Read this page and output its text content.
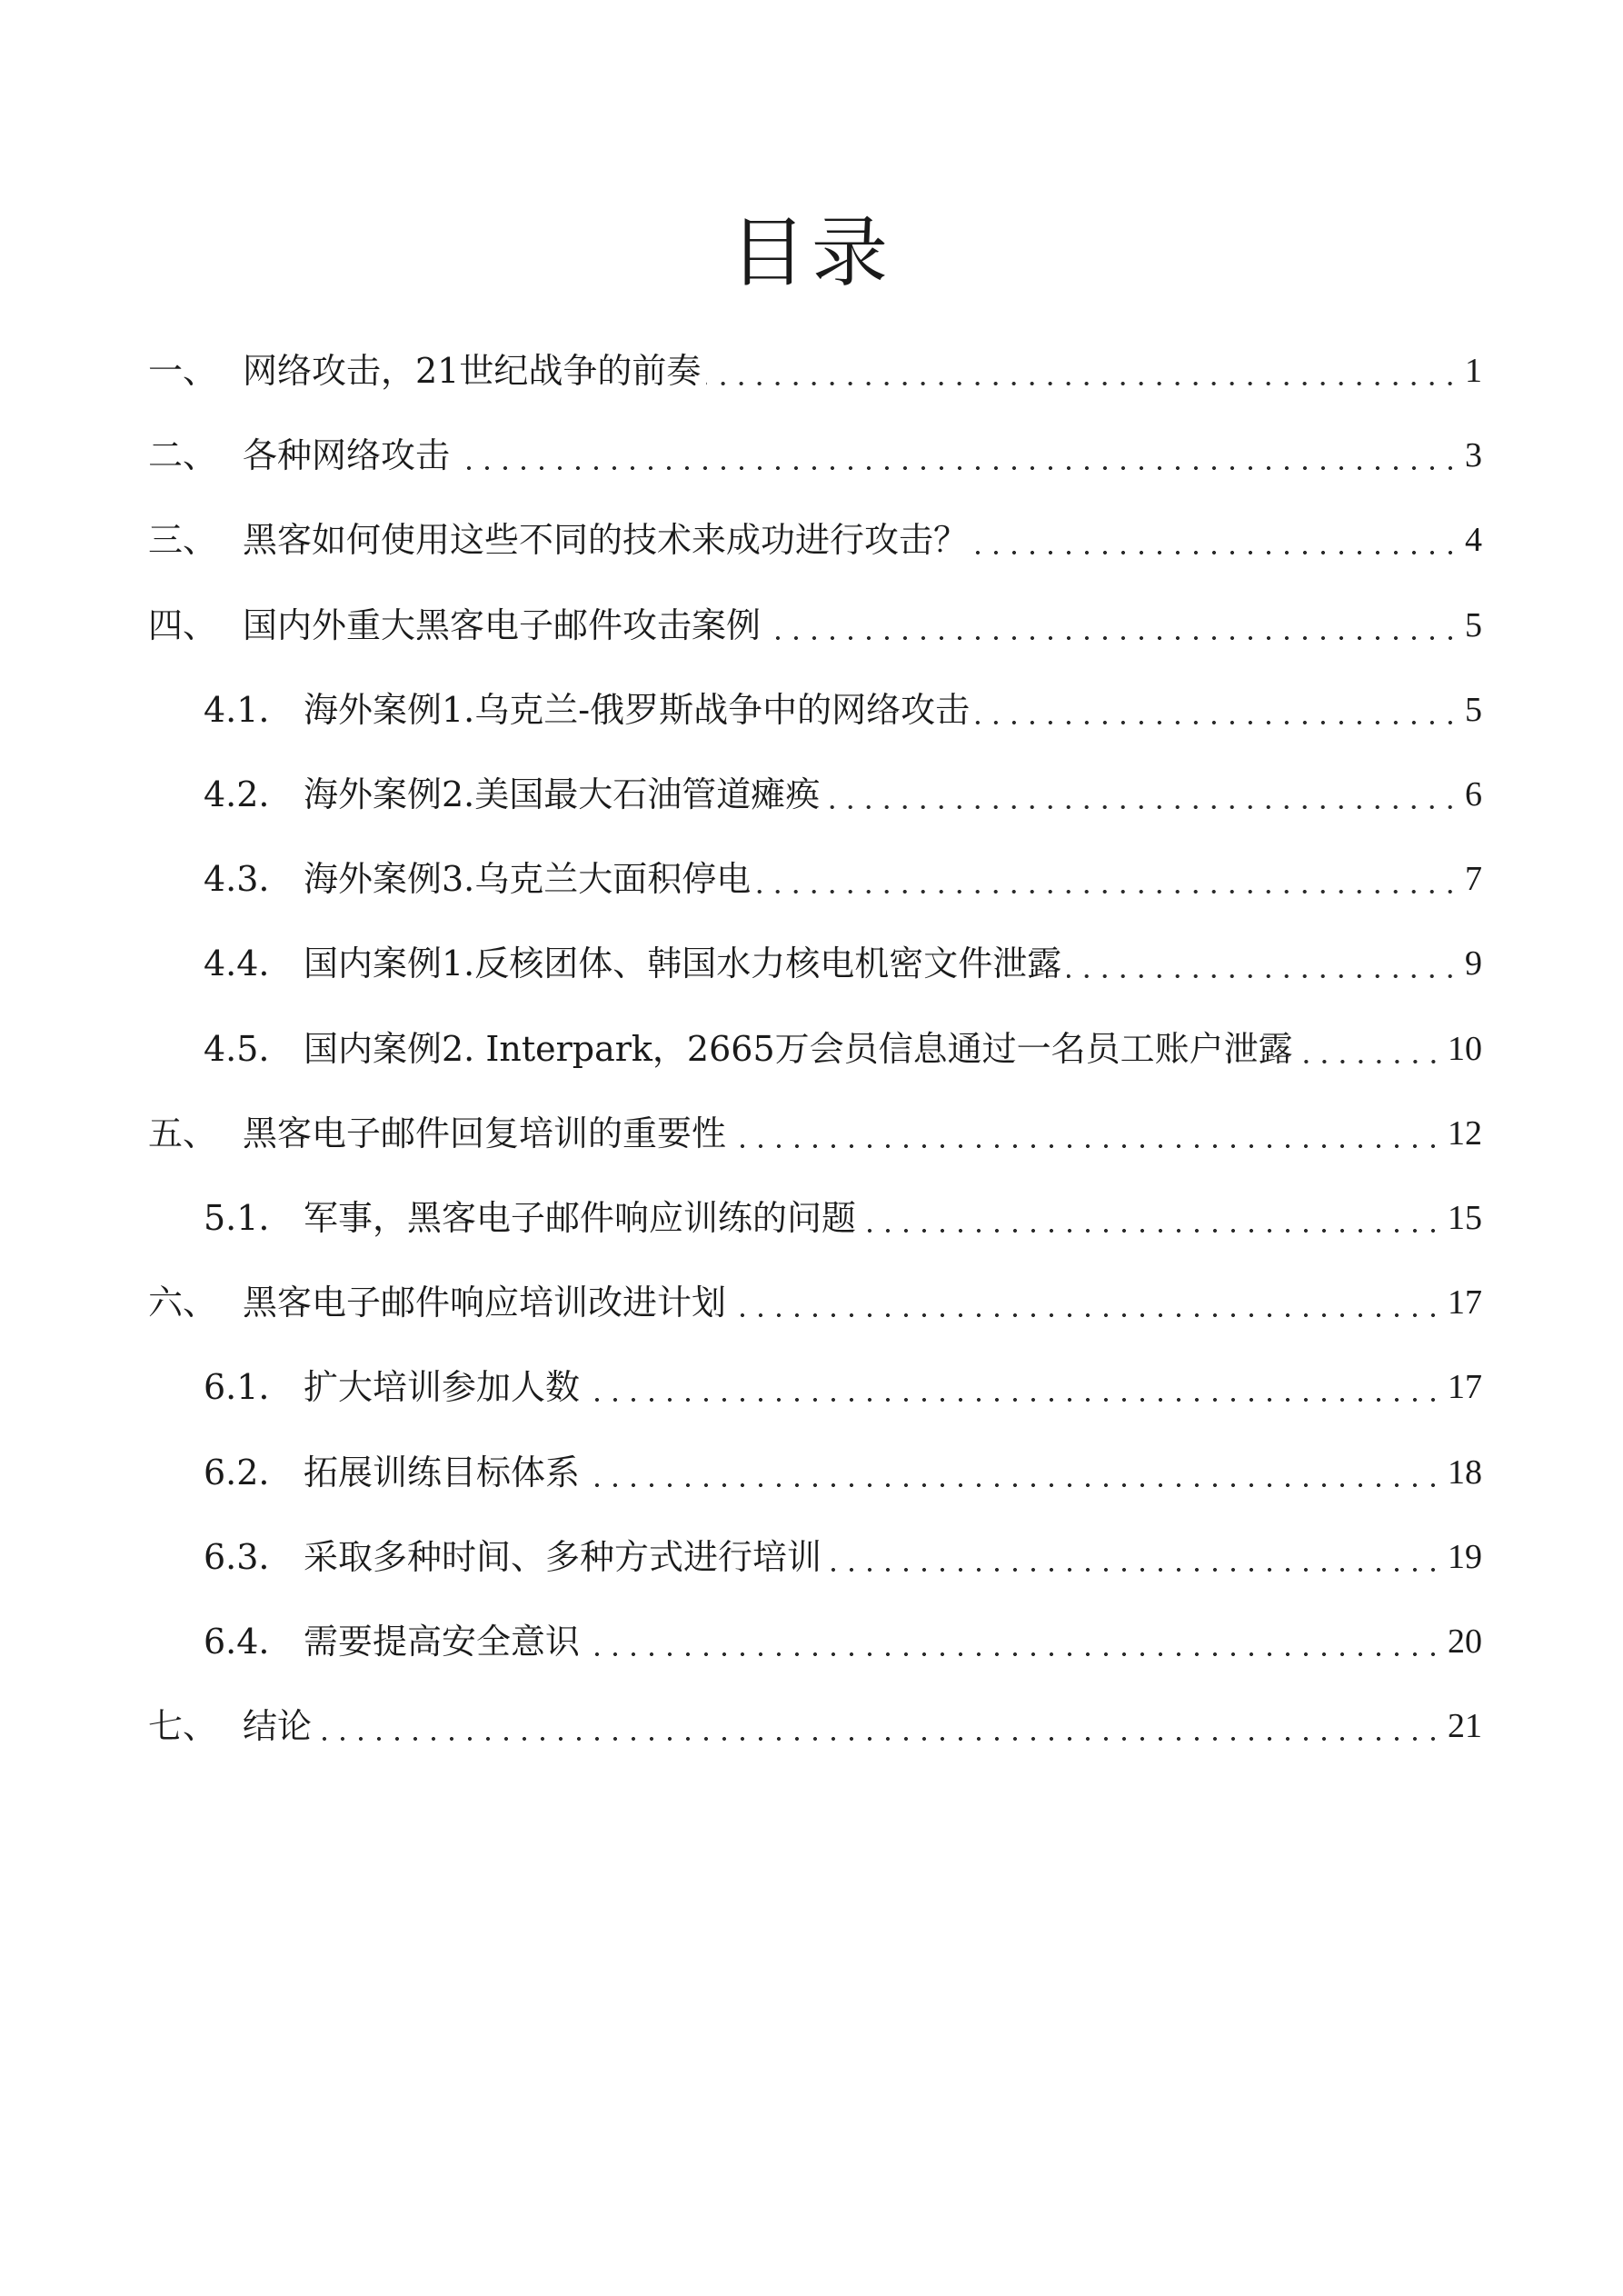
目录
一、 网络攻击，21世纪战争的前奏	1
二、 各种网络攻击	3
三、 黑客如何使用这些不同的技术来成功进行攻击？	4
四、 国内外重大黑客电子邮件攻击案例	5
4.1. 海外案例1.乌克兰-俄罗斯战争中的网络攻击	5
4.2. 海外案例2.美国最大石油管道瘫痪	6
4.3. 海外案例3.乌克兰大面积停电	7
4.4. 国内案例1.反核团体、韩国水力核电机密文件泄露	9
4.5. 国内案例2. Interpark，2665万会员信息通过一名员工账户泄露	10
五、 黑客电子邮件回复培训的重要性	12
5.1. 军事，黑客电子邮件响应训练的问题	15
六、 黑客电子邮件响应培训改进计划	17
6.1. 扩大培训参加人数	17
6.2. 拓展训练目标体系	18
6.3. 采取多种时间、多种方式进行培训	19
6.4. 需要提高安全意识	20
七、 结论	21
